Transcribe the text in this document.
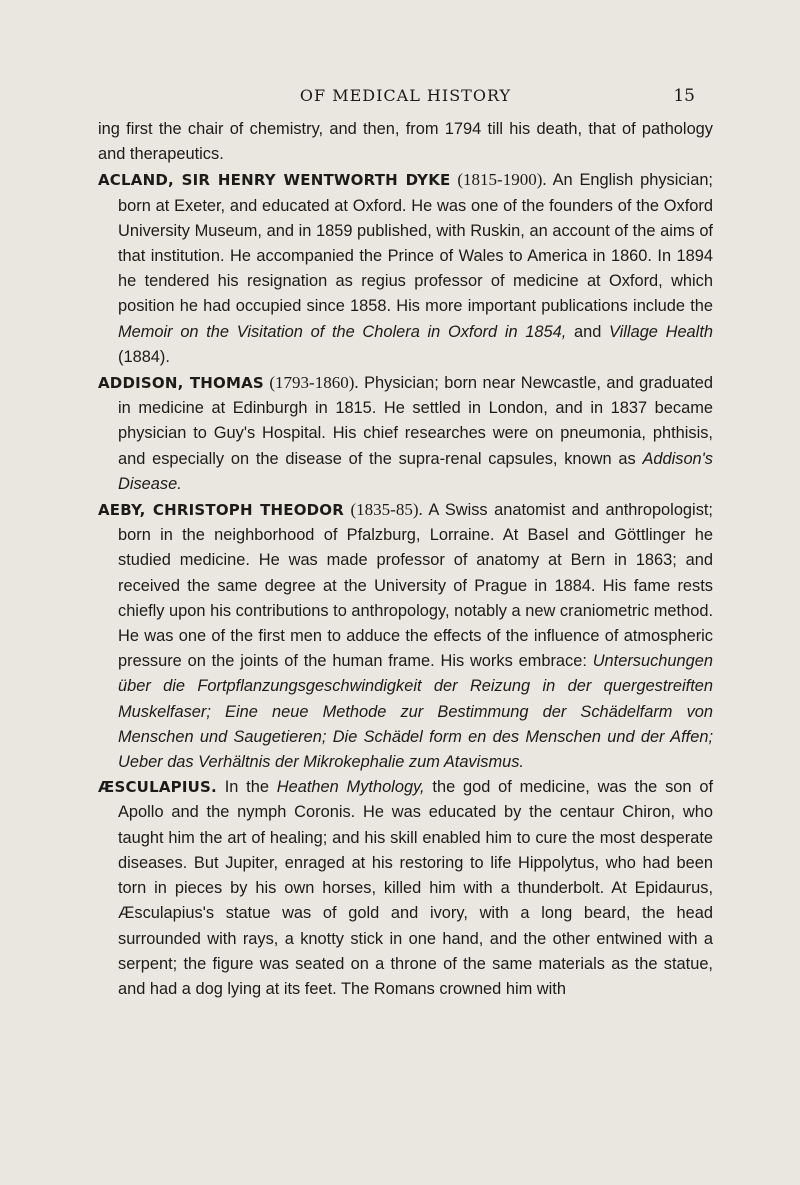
OF MEDICAL HISTORY	15

ing first the chair of chemistry, and then, from 1794 till his death, that of pathology and therapeutics.

ACLAND, SIR HENRY WENTWORTH DYKE (1815-1900). An English physician; born at Exeter, and educated at Oxford. He was one of the founders of the Oxford University Museum, and in 1859 published, with Ruskin, an account of the aims of that institution. He accompanied the Prince of Wales to America in 1860. In 1894 he tendered his resignation as regius professor of medicine at Oxford, which position he had occupied since 1858. His more important publications include the Memoir on the Visitation of the Cholera in Oxford in 1854, and Village Health (1884).

ADDISON, THOMAS (1793-1860). Physician; born near Newcastle, and graduated in medicine at Edinburgh in 1815. He settled in London, and in 1837 became physician to Guy's Hospital. His chief researches were on pneumonia, phthisis, and especially on the disease of the supra-renal capsules, known as Addison's Disease.

AEBY, CHRISTOPH THEODOR (1835-85). A Swiss anatomist and anthropologist; born in the neighborhood of Pfalzburg, Lorraine. At Basel and Göttlinger he studied medicine. He was made professor of anatomy at Bern in 1863; and received the same degree at the University of Prague in 1884. His fame rests chiefly upon his contributions to anthropology, notably a new craniometric method. He was one of the first men to adduce the effects of the influence of atmospheric pressure on the joints of the human frame. His works embrace: Untersuchungen über die Fortpflanzungsgeschwindigkeit der Reizung in der quergestreiften Muskelfaser; Eine neue Methode zur Bestimmung der Schädelfarm von Menschen und Saugetieren; Die Schädel form en des Menschen und der Affen; Ueber das Verhältnis der Mikrokephalie zum Atavismus.

ÆSCULAPIUS. In the Heathen Mythology, the god of medicine, was the son of Apollo and the nymph Coronis. He was educated by the centaur Chiron, who taught him the art of healing; and his skill enabled him to cure the most desperate diseases. But Jupiter, enraged at his restoring to life Hippolytus, who had been torn in pieces by his own horses, killed him with a thunderbolt. At Epidaurus, Æsculapius's statue was of gold and ivory, with a long beard, the head surrounded with rays, a knotty stick in one hand, and the other entwined with a serpent; the figure was seated on a throne of the same materials as the statue, and had a dog lying at its feet. The Romans crowned him with
